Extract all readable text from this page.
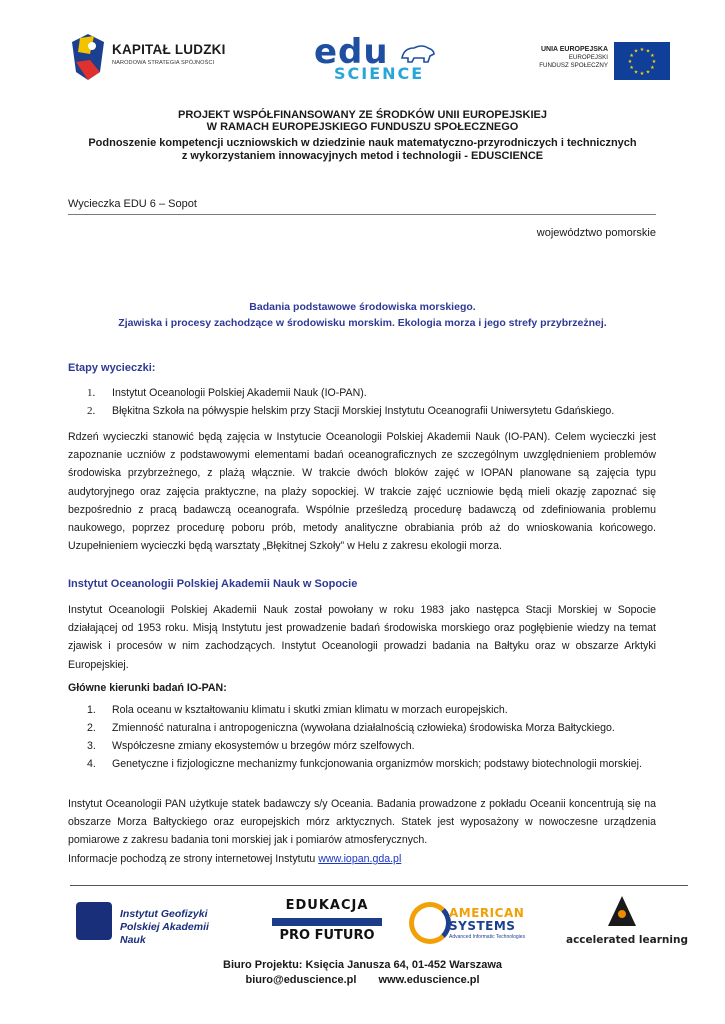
KAPITAŁ LUDZKI
NARODOWA STRATEGIA SPÓJNOŚCI	edu
SCIENCE
UNIA EUROPEJSKA
EUROPEJSKI
FUNDUSZ SPOŁECZNY
★ ★
★
★
★
★
★
★
★
★
★
★
PROJEKT WSPÓŁFINANSOWANY ZE ŚRODKÓW UNII EUROPEJSKIEJ
W RAMACH EUROPEJSKIEGO FUNDUSZU SPOŁECZNEGO
Podnoszenie kompetencji uczniowskich w dziedzinie nauk matematyczno-przyrodniczych i technicznych
z wykorzystaniem innowacyjnych metod i technologii - EDUSCIENCE
Wycieczka EDU 6 – Sopot
województwo pomorskie
Badania podstawowe środowiska morskiego.
Zjawiska i procesy zachodzące w środowisku morskim. Ekologia morza i jego strefy przybrzeżnej.
Etapy wycieczki:
1. Instytut Oceanologii Polskiej Akademii Nauk (IO-PAN).
2. Błękitna Szkoła na półwyspie helskim przy Stacji Morskiej Instytutu Oceanografii Uniwersytetu Gdańskiego.
Rdzeń wycieczki stanowić będą zajęcia w Instytucie Oceanologii Polskiej Akademii Nauk (IO-PAN). Celem wycieczki jest zapoznanie uczniów z podstawowymi elementami badań oceanograficznych ze szczególnym uwzględnieniem problemów środowiska przybrzeżnego, z plażą włącznie. W trakcie dwóch bloków zajęć w IOPAN planowane są zajęcia typu audytoryjnego oraz zajęcia praktyczne, na plaży sopockiej. W trakcie zajęć uczniowie będą mieli okazję zapoznać się bezpośrednio z pracą badawczą oceanografa. Wspólnie prześledzą procedurę badawczą od zdefiniowania problemu naukowego, poprzez procedurę poboru prób, metody analityczne obrabiania prób aż do wnioskowania końcowego. Uzupełnieniem wycieczki będą warsztaty „Błękitnej Szkoły” w Helu z zakresu ekologii morza.
Instytut Oceanologii Polskiej Akademii Nauk w Sopocie
Instytut Oceanologii Polskiej Akademii Nauk został powołany w roku 1983 jako następca Stacji Morskiej w Sopocie działającej od 1953 roku. Misją Instytutu jest prowadzenie badań środowiska morskiego oraz pogłębienie wiedzy na temat zjawisk i procesów w nim zachodzących. Instytut Oceanologii prowadzi badania na Bałtyku oraz w obszarze Arktyki Europejskiej.
Główne kierunki badań IO-PAN:
1. Rola oceanu w kształtowaniu klimatu i skutki zmian klimatu w morzach europejskich.
2. Zmienność naturalna i antropogeniczna (wywołana działalnością człowieka) środowiska Morza Bałtyckiego.
3. Współczesne zmiany ekosystemów u brzegów mórz szelfowych.
4. Genetyczne i fizjologiczne mechanizmy funkcjonowania organizmów morskich; podstawy biotechnologii morskiej.
Instytut Oceanologii PAN użytkuje statek badawczy s/y Oceania. Badania prowadzone z pokładu Oceanii koncentrują się na obszarze Morza Bałtyckiego oraz europejskich mórz arktycznych. Statek jest wyposażony w nowoczesne urządzenia pomiarowe z zakresu badania toni morskiej jak i pomiarów atmosferycznych.
Informacje pochodzą ze strony internetowej Instytutu www.iopan.gda.pl
Instytut Geofizyki
Polskiej Akademii Nauk
EDUKACJA
PRO FUTURO
AMERICAN
SYSTEMS
Advanced Informatic Technologies	accelerated learning
Biuro Projektu: Księcia Janusza 64, 01-452 Warszawa
biuro@eduscience.pl www.eduscience.pl
